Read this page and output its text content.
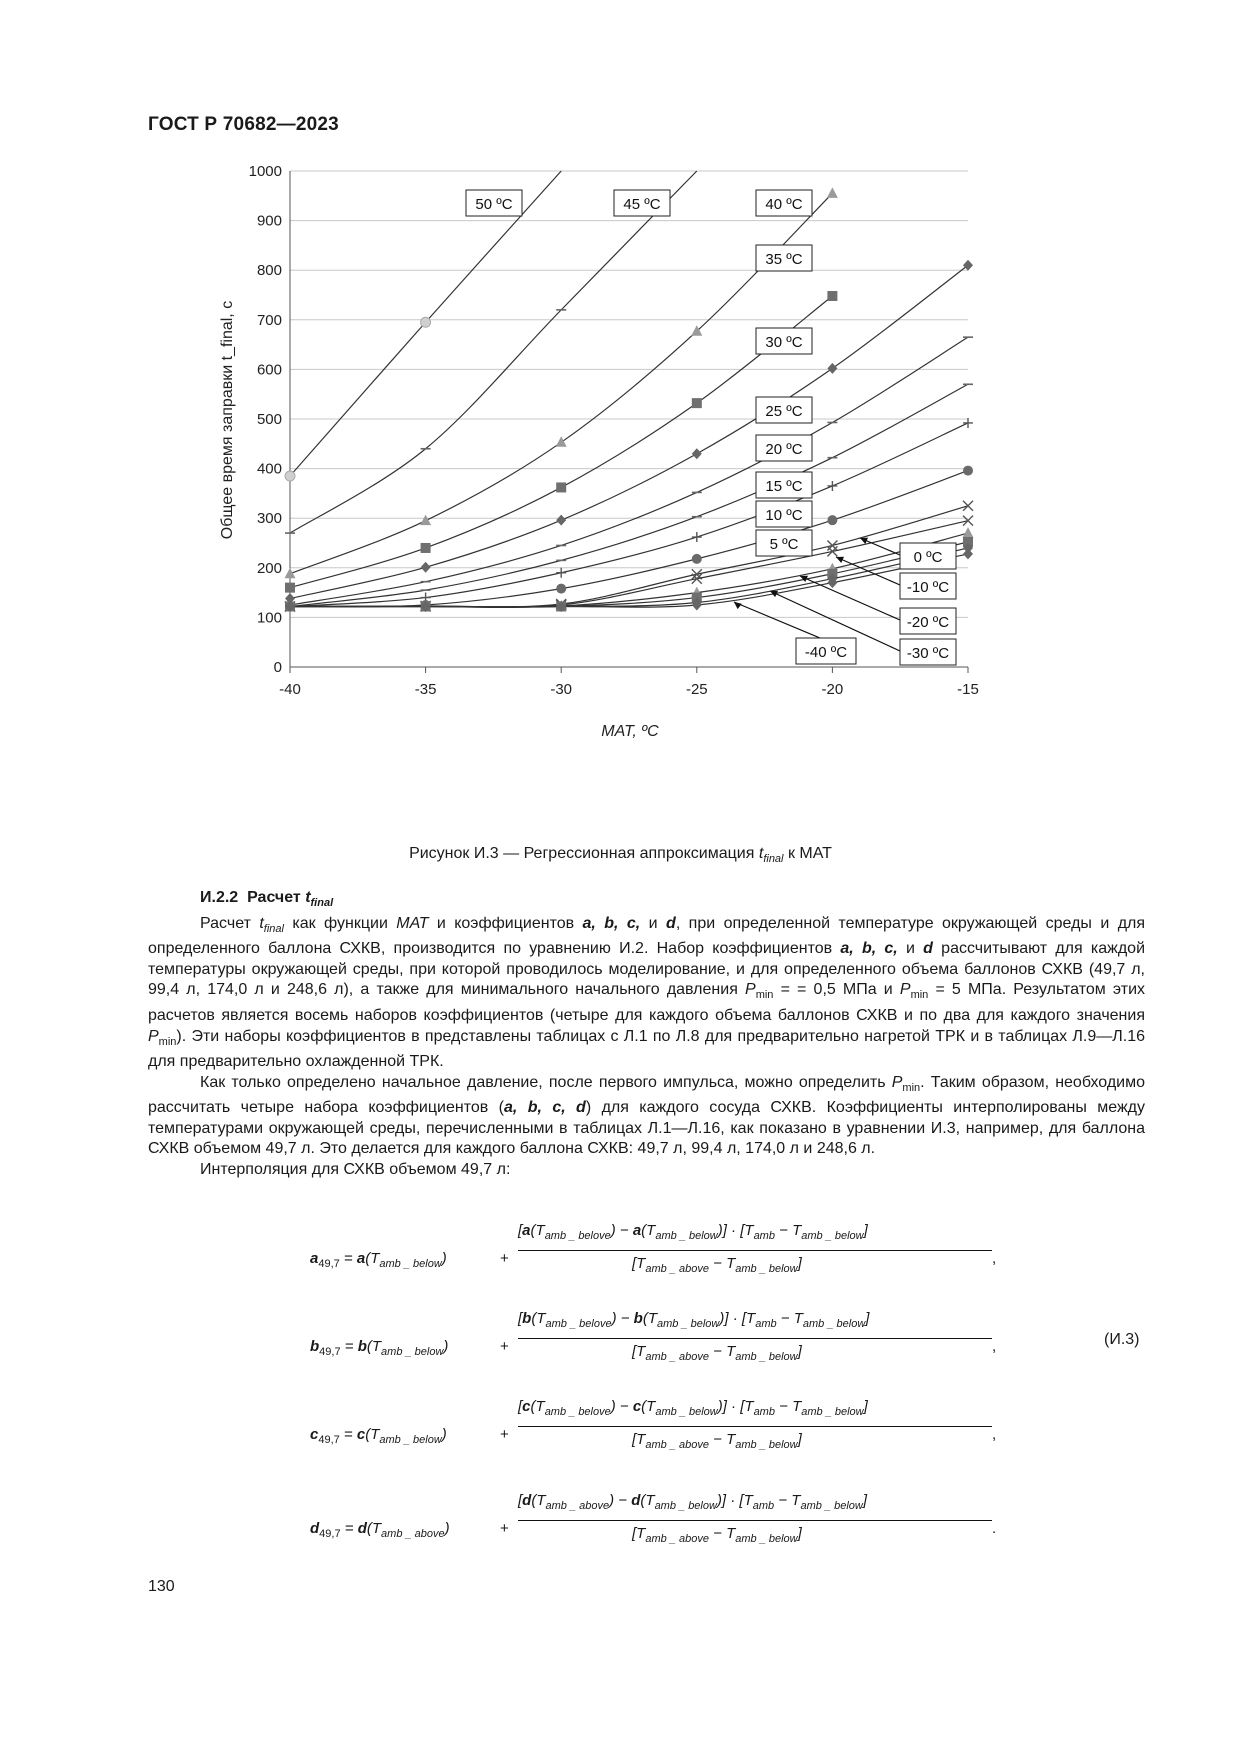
ГОСТ Р 70682—2023
0
100
200
300
400
500
600
700
800
900
1000
-40	-35	-30	-25	-20	-15
MAT, ºC
Общее время заправки t_final, с
50 ºC	45 ºC	40 ºC
35 ºC
30 ºC
25 ºC
20 ºC
15 ºC
10 ºC
5 ºC
0 ºC
-10 ºC
-20 ºC
-30 ºC
-40 ºC
Рисунок И.3 — Регрессионная аппроксимация $t_{final}$ к МАТ
И.2.2 Расчет $t_{final}$

Расчет $t_{final}$ как функции МАТ и коэффициентов a, b, c, и d, при определенной температуре окружающей среды и для определенного баллона СХКВ, производится по уравнению И.2. Набор коэффициентов a, b, c, и d рассчитывают для каждой температуры окружающей среды, при которой проводилось моделирование, и для определенного объема баллонов СХКВ (49,7 л, 99,4 л, 174,0 л и 248,6 л), а также для минимального начального давления $P_{min}$ = = 0,5 МПа и $P_{min} = 5$ МПа. Результатом этих расчетов является восемь наборов коэффициентов (четыре для каждого объема баллонов СХКВ и по два для каждого значения $P_{min}$). Эти наборы коэффициентов в представлены таблицах с Л.1 по Л.8 для предварительно нагретой ТРК и в таблицах Л.9—Л.16 для предварительно охлажденной ТРК.

Как только определено начальное давление, после первого импульса, можно определить $P_{min}$. Таким образом, необходимо рассчитать четыре набора коэффициентов (a, b, c, d) для каждого сосуда СХКВ. Коэффициенты интерполированы между температурами окружающей среды, перечисленными в таблицах Л.1—Л.16, как показано в уравнении И.3, например, для баллона СХКВ объемом 49,7 л. Это делается для каждого баллона СХКВ: 49,7 л, 99,4 л, 174,0 л и 248,6 л.

Интерполяция для СХКВ объемом 49,7 л:

$a_{49,7} = a(T_{amb \_ below})$	+
$[a(T_{amb \_ belove}) - a(T_{amb \_ below})] \cdot [T_{amb} - T_{amb \_ below}]$
$[T_{amb \_ above} - T_{amb \_ below}]$	,
$b_{49,7} = b(T_{amb \_ below})$	+
$[b(T_{amb \_ belove}) - b(T_{amb \_ below})] \cdot [T_{amb} - T_{amb \_ below}]$
$[T_{amb \_ above} - T_{amb \_ below}]$	,
$c_{49,7} = c(T_{amb \_ below})$	+
$[c(T_{amb \_ belove}) - c(T_{amb \_ below})] \cdot [T_{amb} - T_{amb \_ below}]$
$[T_{amb \_ above} - T_{amb \_ below}]$	,
$d_{49,7} = d(T_{amb \_ above})$	+
$[d(T_{amb \_ above}) - d(T_{amb \_ below})] \cdot [T_{amb} - T_{amb \_ below}]$
$[T_{amb \_ above} - T_{amb \_ below}]$	.
(И.3)
130
